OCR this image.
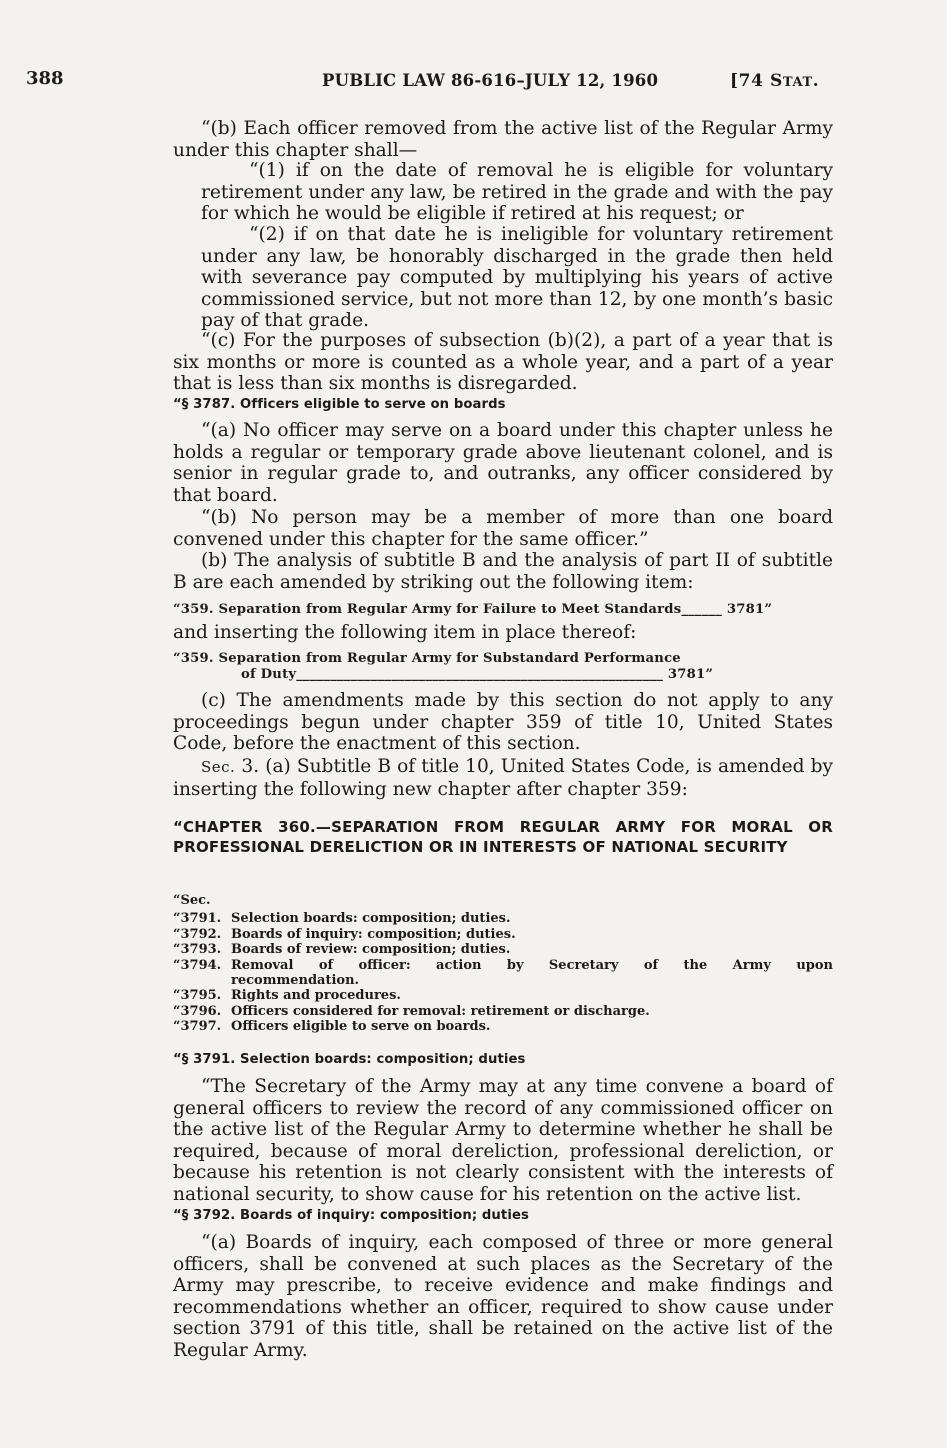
388	PUBLIC LAW 86-616–JULY 12, 1960	[74 STAT.

“(b) Each officer removed from the active list of the Regular Army under this chapter shall—

“(1) if on the date of removal he is eligible for voluntary retirement under any law, be retired in the grade and with the pay for which he would be eligible if retired at his request; or

“(2) if on that date he is ineligible for voluntary retirement under any law, be honorably discharged in the grade then held with severance pay computed by multiplying his years of active commissioned service, but not more than 12, by one month’s basic pay of that grade.

“(c) For the purposes of subsection (b)(2), a part of a year that is six months or more is counted as a whole year, and a part of a year that is less than six months is disregarded.

“§ 3787. Officers eligible to serve on boards

“(a) No officer may serve on a board under this chapter unless he holds a regular or temporary grade above lieutenant colonel, and is senior in regular grade to, and outranks, any officer considered by that board.

“(b) No person may be a member of more than one board convened under this chapter for the same officer.”

(b) The analysis of subtitle B and the analysis of part II of subtitle B are each amended by striking out the following item:

“359. Separation from Regular Army for Failure to Meet Standards______ 3781”

and inserting the following item in place thereof:

“359. Separation from Regular Army for Substandard Performance
of Duty______________________________________________________ 3781”

(c) The amendments made by this section do not apply to any proceedings begun under chapter 359 of title 10, United States Code, before the enactment of this section.

Sec. 3. (a) Subtitle B of title 10, United States Code, is amended by inserting the following new chapter after chapter 359:

“CHAPTER 360.—SEPARATION FROM REGULAR ARMY FOR MORAL OR PROFESSIONAL DERELICTION OR IN INTERESTS OF NATIONAL SECURITY
“Sec.
“3791. Selection boards: composition; duties.
“3792. Boards of inquiry: composition; duties.
“3793. Boards of review: composition; duties.
“3794. Removal of officer: action by Secretary of the Army upon
recommendation.
“3795. Rights and procedures.
“3796. Officers considered for removal: retirement or discharge.
“3797. Officers eligible to serve on boards.
“§ 3791. Selection boards: composition; duties

“The Secretary of the Army may at any time convene a board of general officers to review the record of any commissioned officer on the active list of the Regular Army to determine whether he shall be required, because of moral dereliction, professional dereliction, or because his retention is not clearly consistent with the interests of national security, to show cause for his retention on the active list.

“§ 3792. Boards of inquiry: composition; duties

“(a) Boards of inquiry, each composed of three or more general officers, shall be convened at such places as the Secretary of the Army may prescribe, to receive evidence and make findings and recommendations whether an officer, required to show cause under section 3791 of this title, shall be retained on the active list of the Regular Army.
